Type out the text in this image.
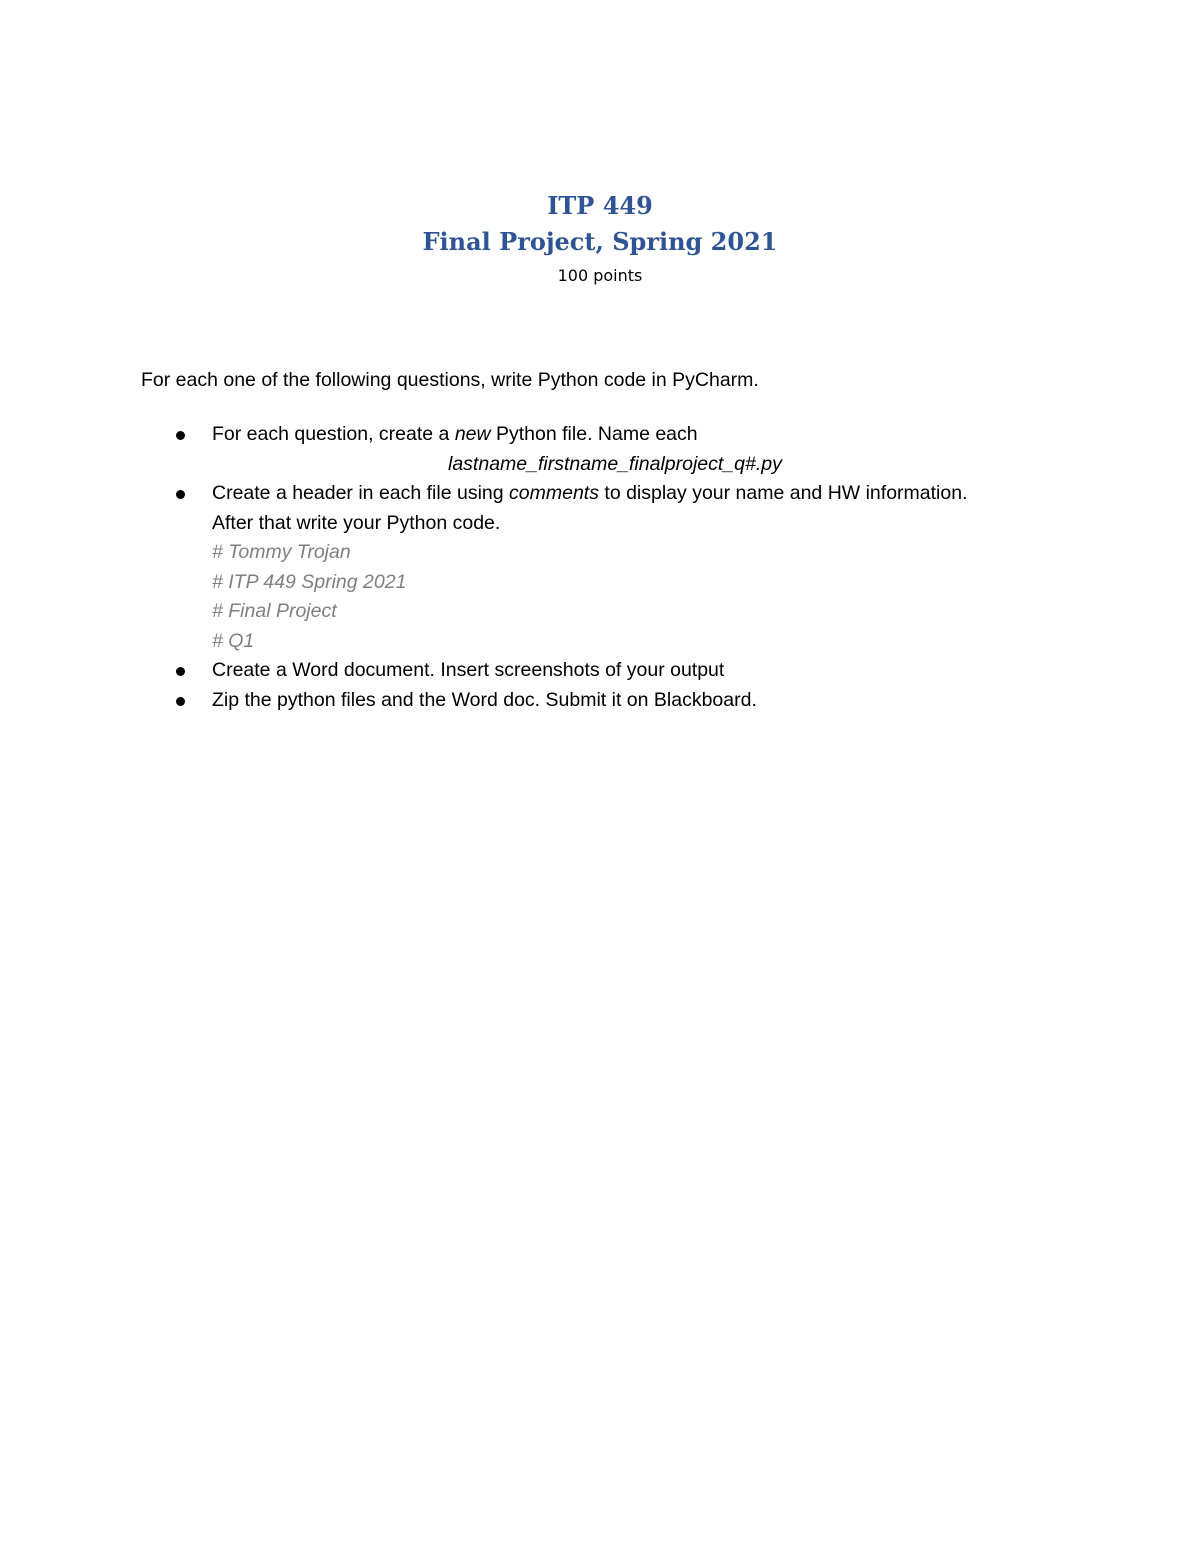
ITP 449

Final Project, Spring 2021

100 points

For each one of the following questions, write Python code in PyCharm.

For each question, create a new Python file. Name each
lastname_firstname_finalproject_q#.py
Create a header in each file using comments to display your name and HW information.
After that write your Python code.
# Tommy Trojan
# ITP 449 Spring 2021
# Final Project
# Q1
Create a Word document. Insert screenshots of your output
Zip the python files and the Word doc. Submit it on Blackboard.
